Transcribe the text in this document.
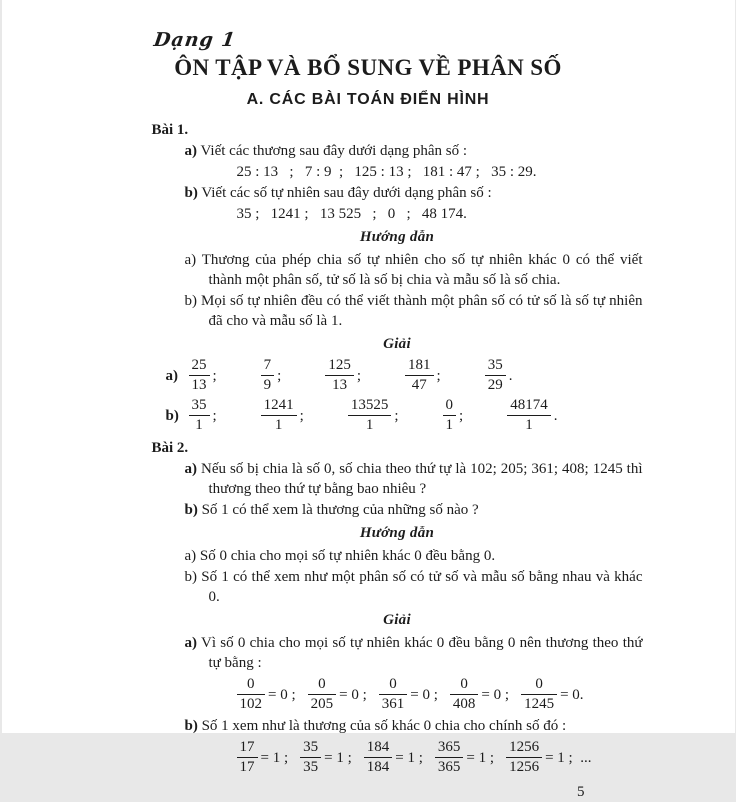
Dạng 1
ÔN TẬP VÀ BỔ SUNG VỀ PHÂN SỐ
A. CÁC BÀI TOÁN ĐIỂN HÌNH
Bài 1.

a) Viết các thương sau đây dưới dạng phân số :

25 : 13   ;   7 : 9  ;   125 : 13 ;   181 : 47 ;   35 : 29.

b) Viết các số tự nhiên sau đây dưới dạng phân số :

35 ;   1241 ;   13 525   ;   0   ;   48 174.

Hướng dẫn

a) Thương của phép chia số tự nhiên cho số tự nhiên khác 0 có thể viết thành một phân số, tử số là số bị chia và mẫu số là số chia.

b) Mọi số tự nhiên đều có thể viết thành một phân số có tử số là số tự nhiên đã cho và mẫu số là 1.

Giải
$a) \frac{25}{13}$ ;	$\frac{7}{9}$ ;	$\frac{125}{13}$ ;	$\frac{181}{47}$ ;	$\frac{35}{29}$ .
$b) \frac{35}{1}$ ;	$\frac{1241}{1}$ ;	$\frac{13525}{1}$ ;	$\frac{0}{1}$ ;	$\frac{48174}{1}$ .
Bài 2.

a) Nếu số bị chia là số 0, số chia theo thứ tự là 102; 205; 361; 408; 1245 thì thương theo thứ tự bằng bao nhiêu ?

b) Số 1 có thể xem là thương của những số nào ?

Hướng dẫn

a) Số 0 chia cho mọi số tự nhiên khác 0 đều bằng 0.

b) Số 1 có thể xem như một phân số có tử số và mẫu số bằng nhau và khác 0.

Giải

a) Vì số 0 chia cho mọi số tự nhiên khác 0 đều bằng 0 nên thương theo thứ tự bằng :

$\frac{0}{102} = 0$ ; $\frac{0}{205} = 0$ ; $\frac{0}{361} = 0$ ; $\frac{0}{408} = 0$ ; $\frac{0}{1245} = 0$.

b) Số 1 xem như là thương của số khác 0 chia cho chính số đó :

$\frac{17}{17} = 1$ ; $\frac{35}{35} = 1$ ; $\frac{184}{184} = 1$ ; $\frac{365}{365} = 1$ ; $\frac{1256}{1256} = 1$ ;  ...
5
